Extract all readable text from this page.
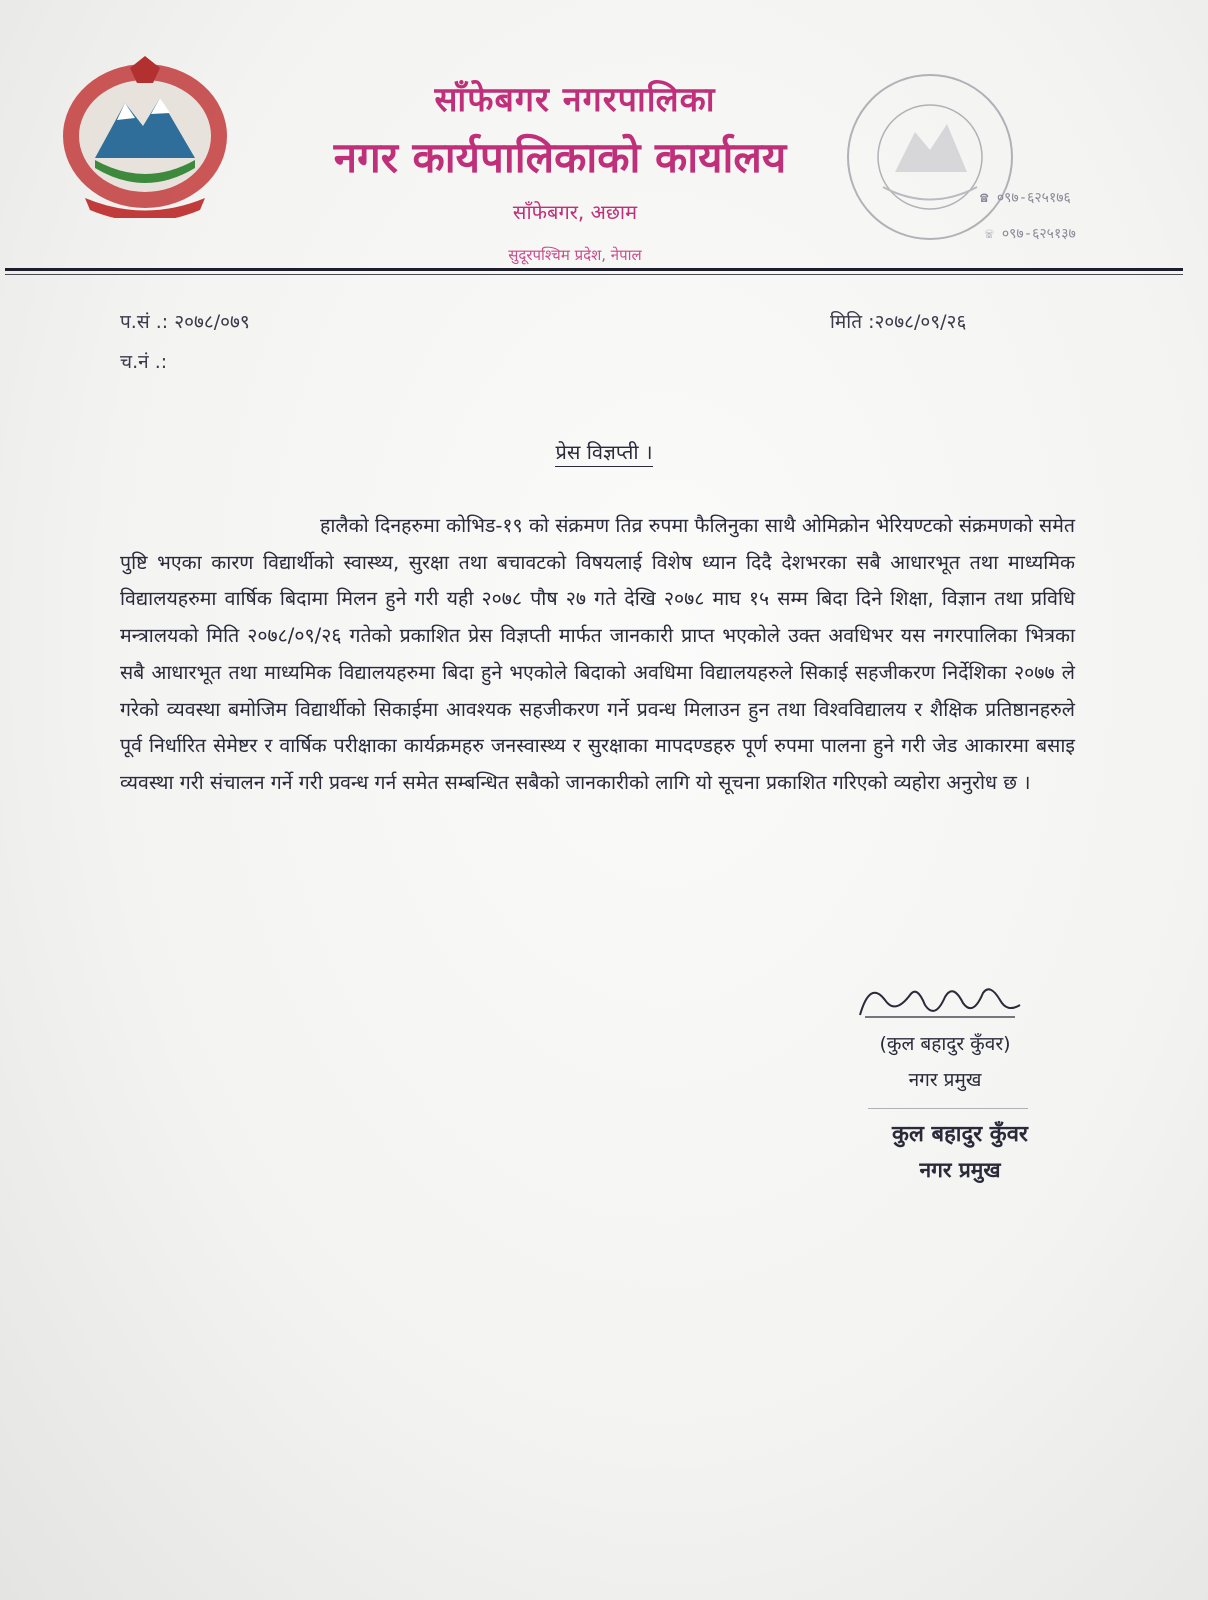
साँफेबगर नगरपालिका
नगर कार्यपालिकाको कार्यालय
साँफेबगर, अछाम
सुदूरपश्चिम प्रदेश, नेपाल
☎ ०९७-६२५१७६
☏ ०९७-६२५१३७
प.सं .: २०७८/०७९
च.नं .:
मिति :२०७८/०९/२६
प्रेस विज्ञप्ती ।
हालैको दिनहरुमा कोभिड-१९ को संक्रमण तिव्र रुपमा फैलिनुका साथै ओमिक्रोन भेरियण्टको संक्रमणको समेत पुष्टि भएका कारण विद्यार्थीको स्वास्थ्य, सुरक्षा तथा बचावटको विषयलाई विशेष ध्यान दिदै देशभरका सबै आधारभूत तथा माध्यमिक विद्यालयहरुमा वार्षिक बिदामा मिलन हुने गरी यही २०७८ पौष २७ गते देखि २०७८ माघ १५ सम्म बिदा दिने शिक्षा, विज्ञान तथा प्रविधि मन्त्रालयको मिति २०७८/०९/२६ गतेको प्रकाशित प्रेस विज्ञप्ती मार्फत जानकारी प्राप्त भएकोले उक्त अवधिभर यस नगरपालिका भित्रका सबै आधारभूत तथा माध्यमिक विद्यालयहरुमा बिदा हुने भएकोले बिदाको अवधिमा विद्यालयहरुले सिकाई सहजीकरण निर्देशिका २०७७ ले गरेको व्यवस्था बमोजिम विद्यार्थीको सिकाईमा आवश्यक सहजीकरण गर्ने प्रवन्ध मिलाउन हुन तथा विश्वविद्यालय र शैक्षिक प्रतिष्ठानहरुले पूर्व निर्धारित सेमेष्टर र वार्षिक परीक्षाका कार्यक्रमहरु जनस्वास्थ्य र सुरक्षाका मापदण्डहरु पूर्ण रुपमा पालना हुने गरी जेड आकारमा बसाइ व्यवस्था गरी संचालन गर्ने गरी प्रवन्ध गर्न समेत सम्बन्धित सबैको जानकारीको लागि यो सूचना प्रकाशित गरिएको व्यहोरा अनुरोध छ ।
(कुल बहादुर कुँवर)
नगर प्रमुख
कुल बहादुर कुँवर
नगर प्रमुख
